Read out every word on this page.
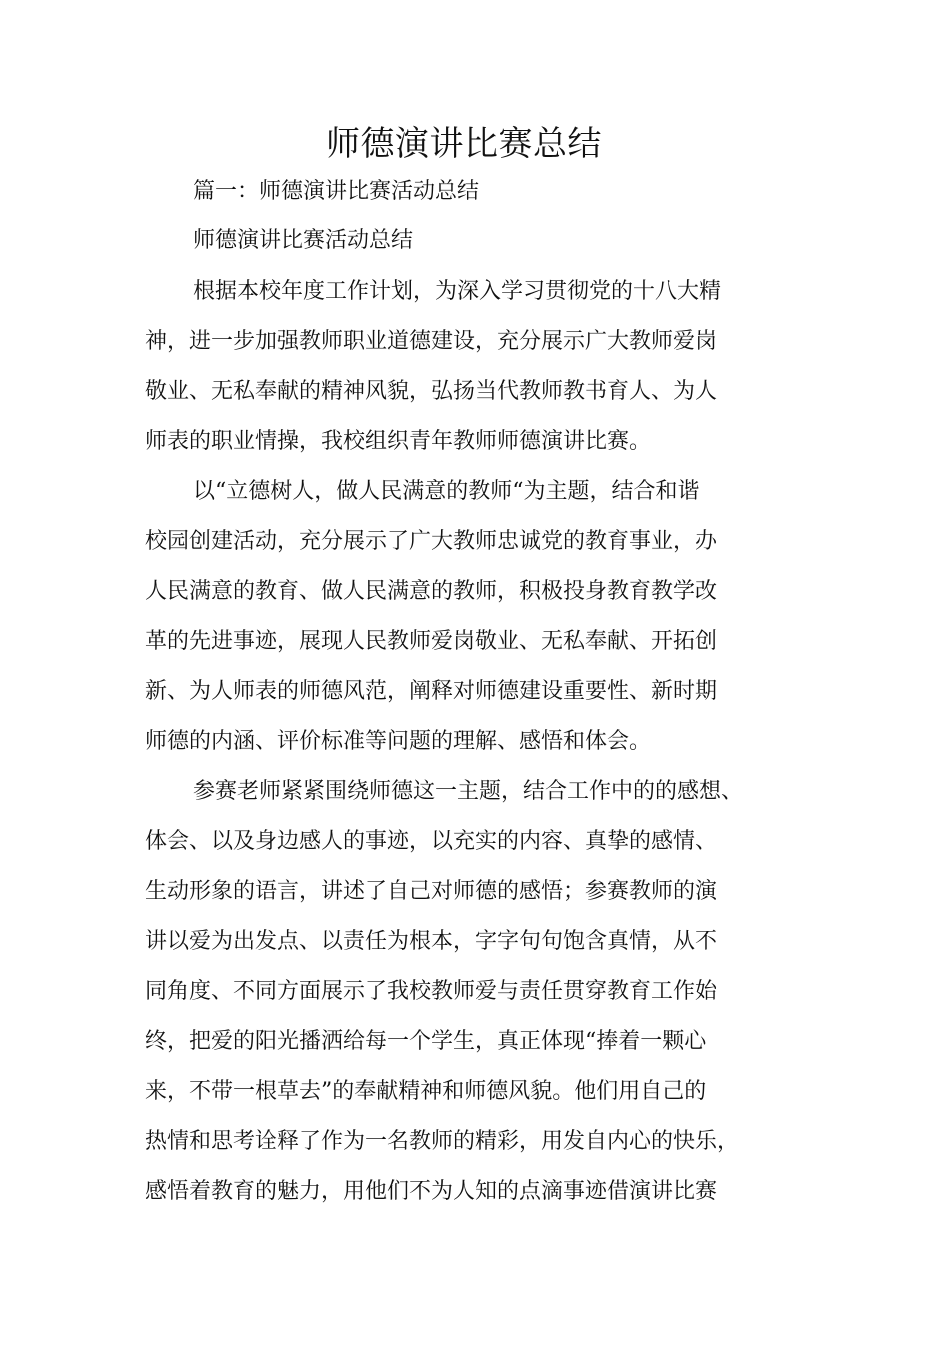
师德演讲比赛总结

篇一：师德演讲比赛活动总结

师德演讲比赛活动总结

根据本校年度工作计划，为深入学习贯彻党的十八大精

神，进一步加强教师职业道德建设，充分展示广大教师爱岗

敬业、无私奉献的精神风貌，弘扬当代教师教书育人、为人

师表的职业情操，我校组织青年教师师德演讲比赛。

以“立德树人，做人民满意的教师“为主题，结合和谐

校园创建活动，充分展示了广大教师忠诚党的教育事业，办

人民满意的教育、做人民满意的教师，积极投身教育教学改

革的先进事迹，展现人民教师爱岗敬业、无私奉献、开拓创

新、为人师表的师德风范，阐释对师德建设重要性、新时期

师德的内涵、评价标准等问题的理解、感悟和体会。

参赛老师紧紧围绕师德这一主题，结合工作中的的感想、

体会、以及身边感人的事迹，以充实的内容、真挚的感情、

生动形象的语言，讲述了自己对师德的感悟；参赛教师的演

讲以爱为出发点、以责任为根本，字字句句饱含真情，从不

同角度、不同方面展示了我校教师爱与责任贯穿教育工作始

终，把爱的阳光播洒给每一个学生，真正体现“捧着一颗心

来，不带一根草去”的奉献精神和师德风貌。他们用自己的

热情和思考诠释了作为一名教师的精彩，用发自内心的快乐，

感悟着教育的魅力，用他们不为人知的点滴事迹借演讲比赛
